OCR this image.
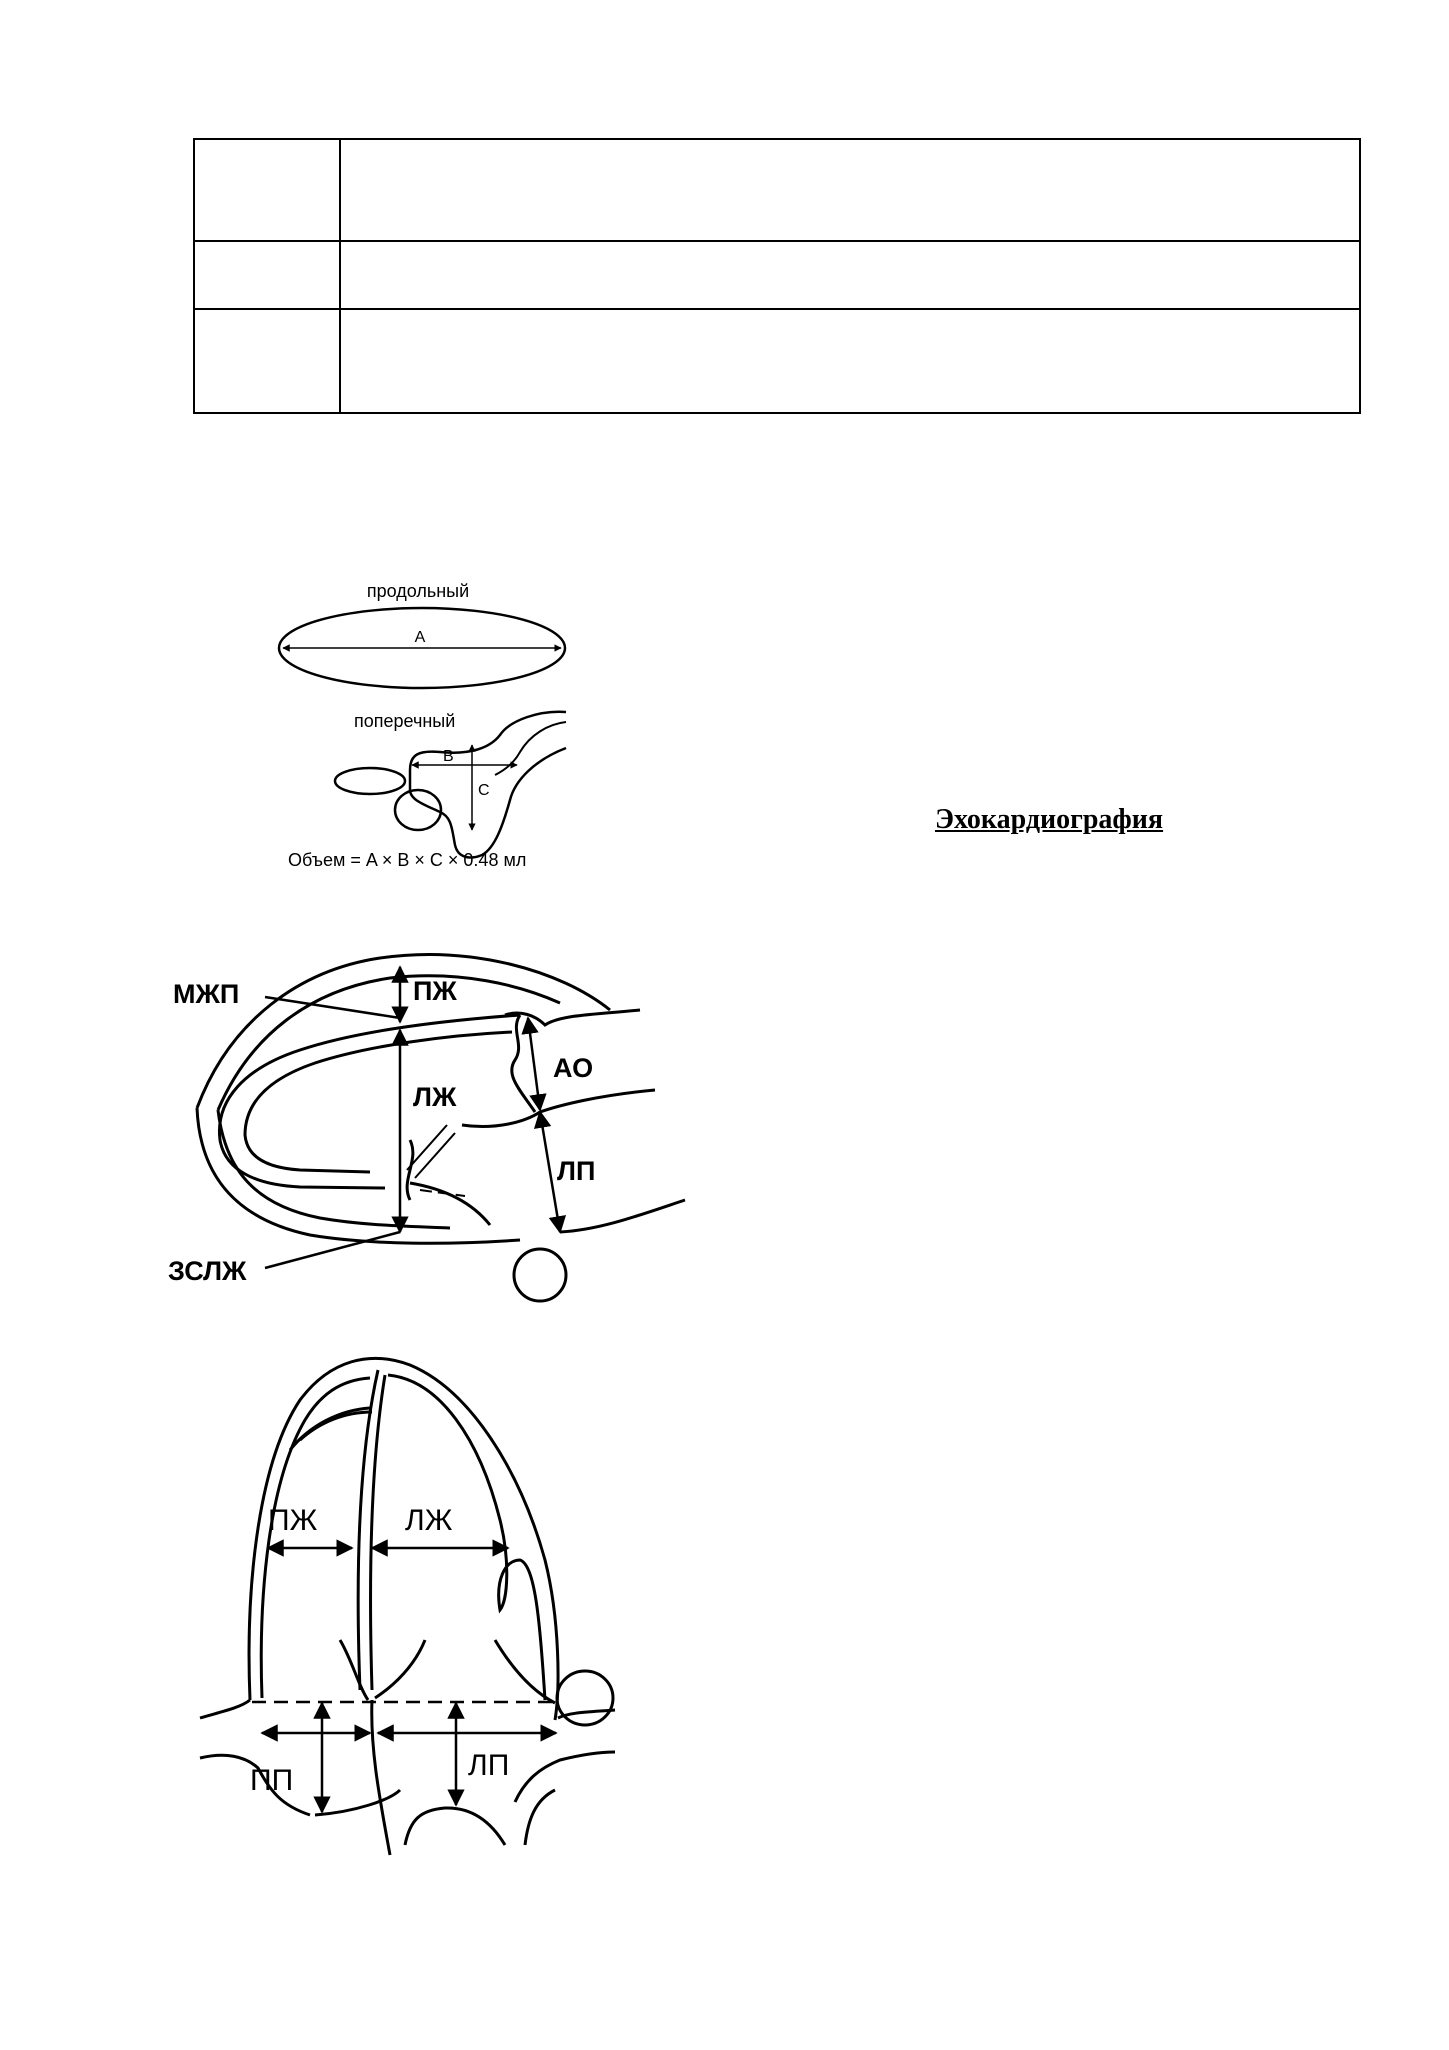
Эхокардиография
продольный
A
поперечный
B
C
Объем = A × B × C × 0.48 мл
МЖП	ПЖ
ЛЖ
АО
ЛП
ЗСЛЖ
ПЖ	ЛЖ
ПП	ЛП
